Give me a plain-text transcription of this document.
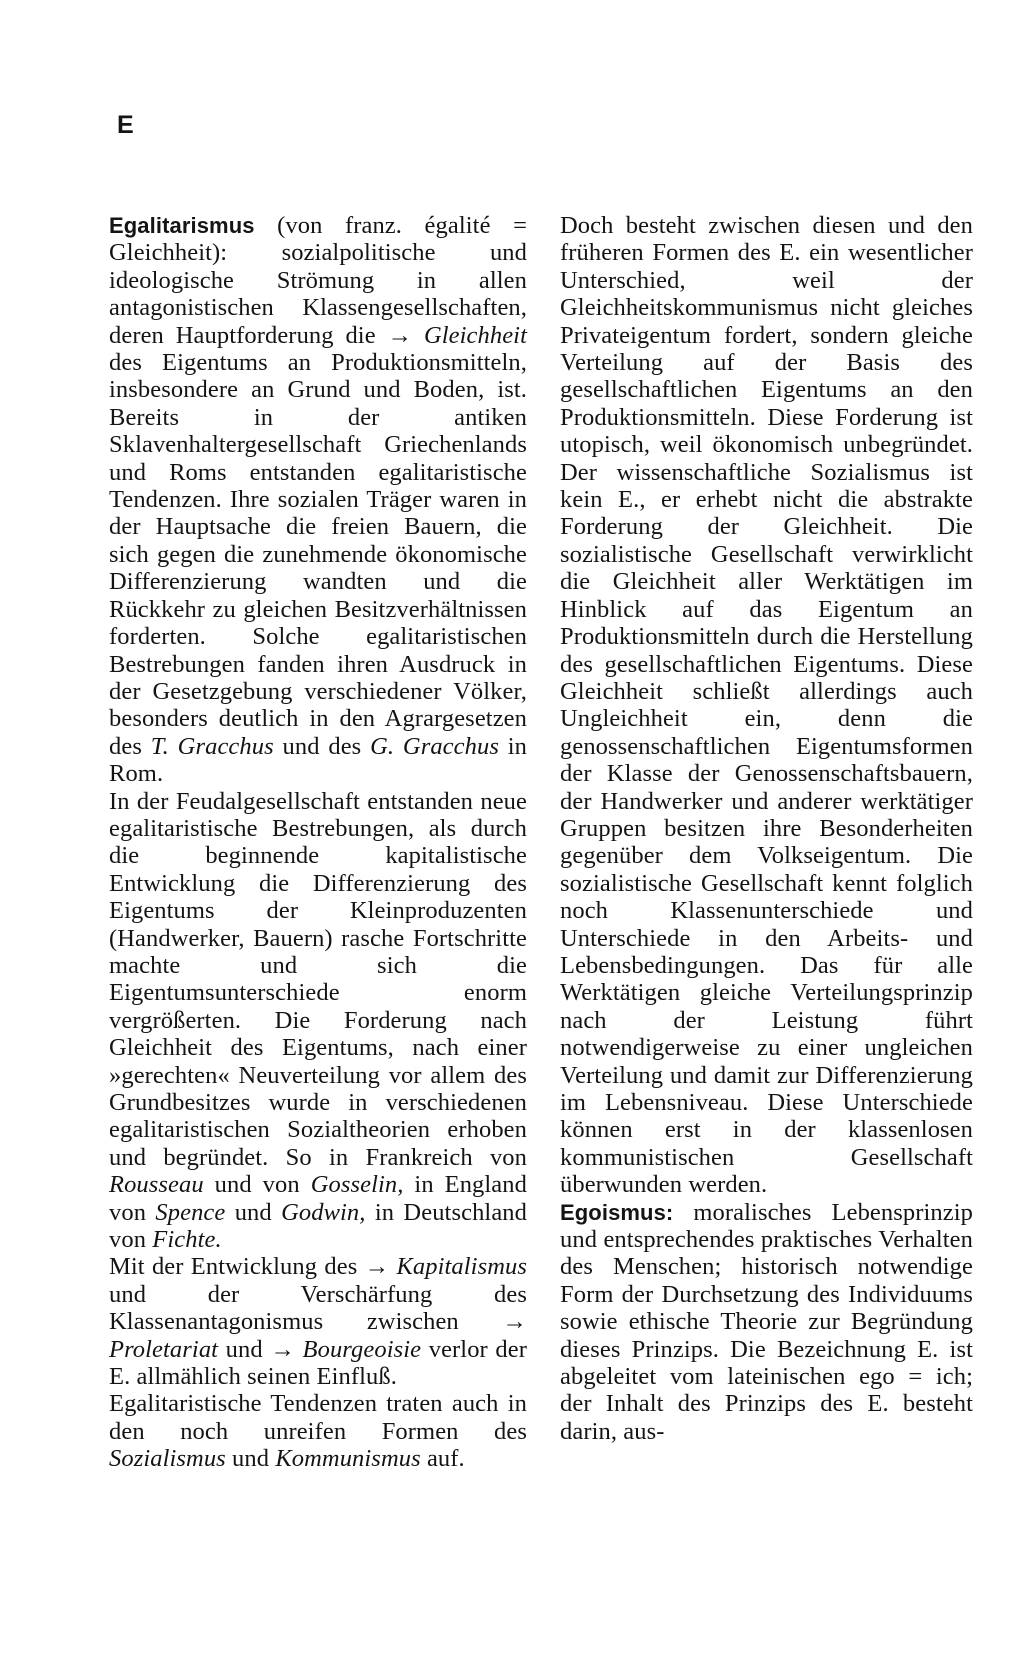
E

Egalitarismus (von franz. égalité = Gleichheit): sozialpolitische und ideologische Strömung in allen antagonistischen Klassengesellschaften, deren Hauptforderung die → Gleichheit des Eigentums an Produktionsmitteln, insbesondere an Grund und Boden, ist. Bereits in der antiken Sklavenhaltergesellschaft Griechenlands und Roms entstanden egalitaristische Tendenzen. Ihre sozialen Träger waren in der Hauptsache die freien Bauern, die sich gegen die zunehmende ökonomische Differenzierung wandten und die Rückkehr zu gleichen Besitzverhältnissen forderten. Solche egalitaristischen Bestrebungen fanden ihren Ausdruck in der Gesetzgebung verschiedener Völker, besonders deutlich in den Agrargesetzen des T. Gracchus und des G. Gracchus in Rom.

In der Feudalgesellschaft entstanden neue egalitaristische Bestrebungen, als durch die beginnende kapitalistische Entwicklung die Differenzierung des Eigentums der Kleinproduzenten (Handwerker, Bauern) rasche Fortschritte machte und sich die Eigentumsunterschiede enorm vergrößerten. Die Forderung nach Gleichheit des Eigentums, nach einer »gerechten« Neuverteilung vor allem des Grundbesitzes wurde in verschiedenen egalitaristischen Sozialtheorien erhoben und begründet. So in Frankreich von Rousseau und von Gosselin, in England von Spence und Godwin, in Deutschland von Fichte.

Mit der Entwicklung des → Kapitalismus und der Verschärfung des Klassenantagonismus zwischen → Proletariat und → Bourgeoisie verlor der E. allmählich seinen Einfluß.

Egalitaristische Tendenzen traten auch in den noch unreifen Formen des Sozialismus und Kommunismus auf.

Doch besteht zwischen diesen und den früheren Formen des E. ein wesentlicher Unterschied, weil der Gleichheitskommunismus nicht gleiches Privateigentum fordert, sondern gleiche Verteilung auf der Basis des gesellschaftlichen Eigentums an den Produktionsmitteln. Diese Forderung ist utopisch, weil ökonomisch unbegründet. Der wissenschaftliche Sozialismus ist kein E., er erhebt nicht die abstrakte Forderung der Gleichheit. Die sozialistische Gesellschaft verwirklicht die Gleichheit aller Werktätigen im Hinblick auf das Eigentum an Produktionsmitteln durch die Herstellung des gesellschaftlichen Eigentums. Diese Gleichheit schließt allerdings auch Ungleichheit ein, denn die genossenschaftlichen Eigentumsformen der Klasse der Genossenschaftsbauern, der Handwerker und anderer werktätiger Gruppen besitzen ihre Besonderheiten gegenüber dem Volkseigentum. Die sozialistische Gesellschaft kennt folglich noch Klassenunterschiede und Unterschiede in den Arbeits- und Lebensbedingungen. Das für alle Werktätigen gleiche Verteilungsprinzip nach der Leistung führt notwendigerweise zu einer ungleichen Verteilung und damit zur Differenzierung im Lebensniveau. Diese Unterschiede können erst in der klassenlosen kommunistischen Gesellschaft überwunden werden.

Egoismus: moralisches Lebensprinzip und entsprechendes praktisches Verhalten des Menschen; historisch notwendige Form der Durchsetzung des Individuums sowie ethische Theorie zur Begründung dieses Prinzips. Die Bezeichnung E. ist abgeleitet vom lateinischen ego = ich; der Inhalt des Prinzips des E. besteht darin, aus-
